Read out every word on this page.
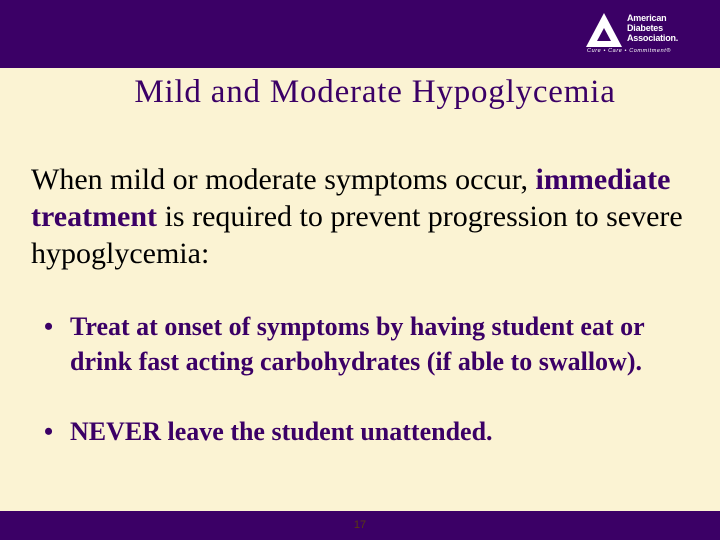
American
Diabetes
Association.
Cure • Care • Commitment®
Mild and Moderate Hypoglycemia

When mild or moderate symptoms occur, immediate treatment is required to prevent progression to severe hypoglycemia:

• Treat at onset of symptoms by having student eat or drink fast acting carbohydrates (if able to swallow).
• NEVER leave the student unattended.
17
